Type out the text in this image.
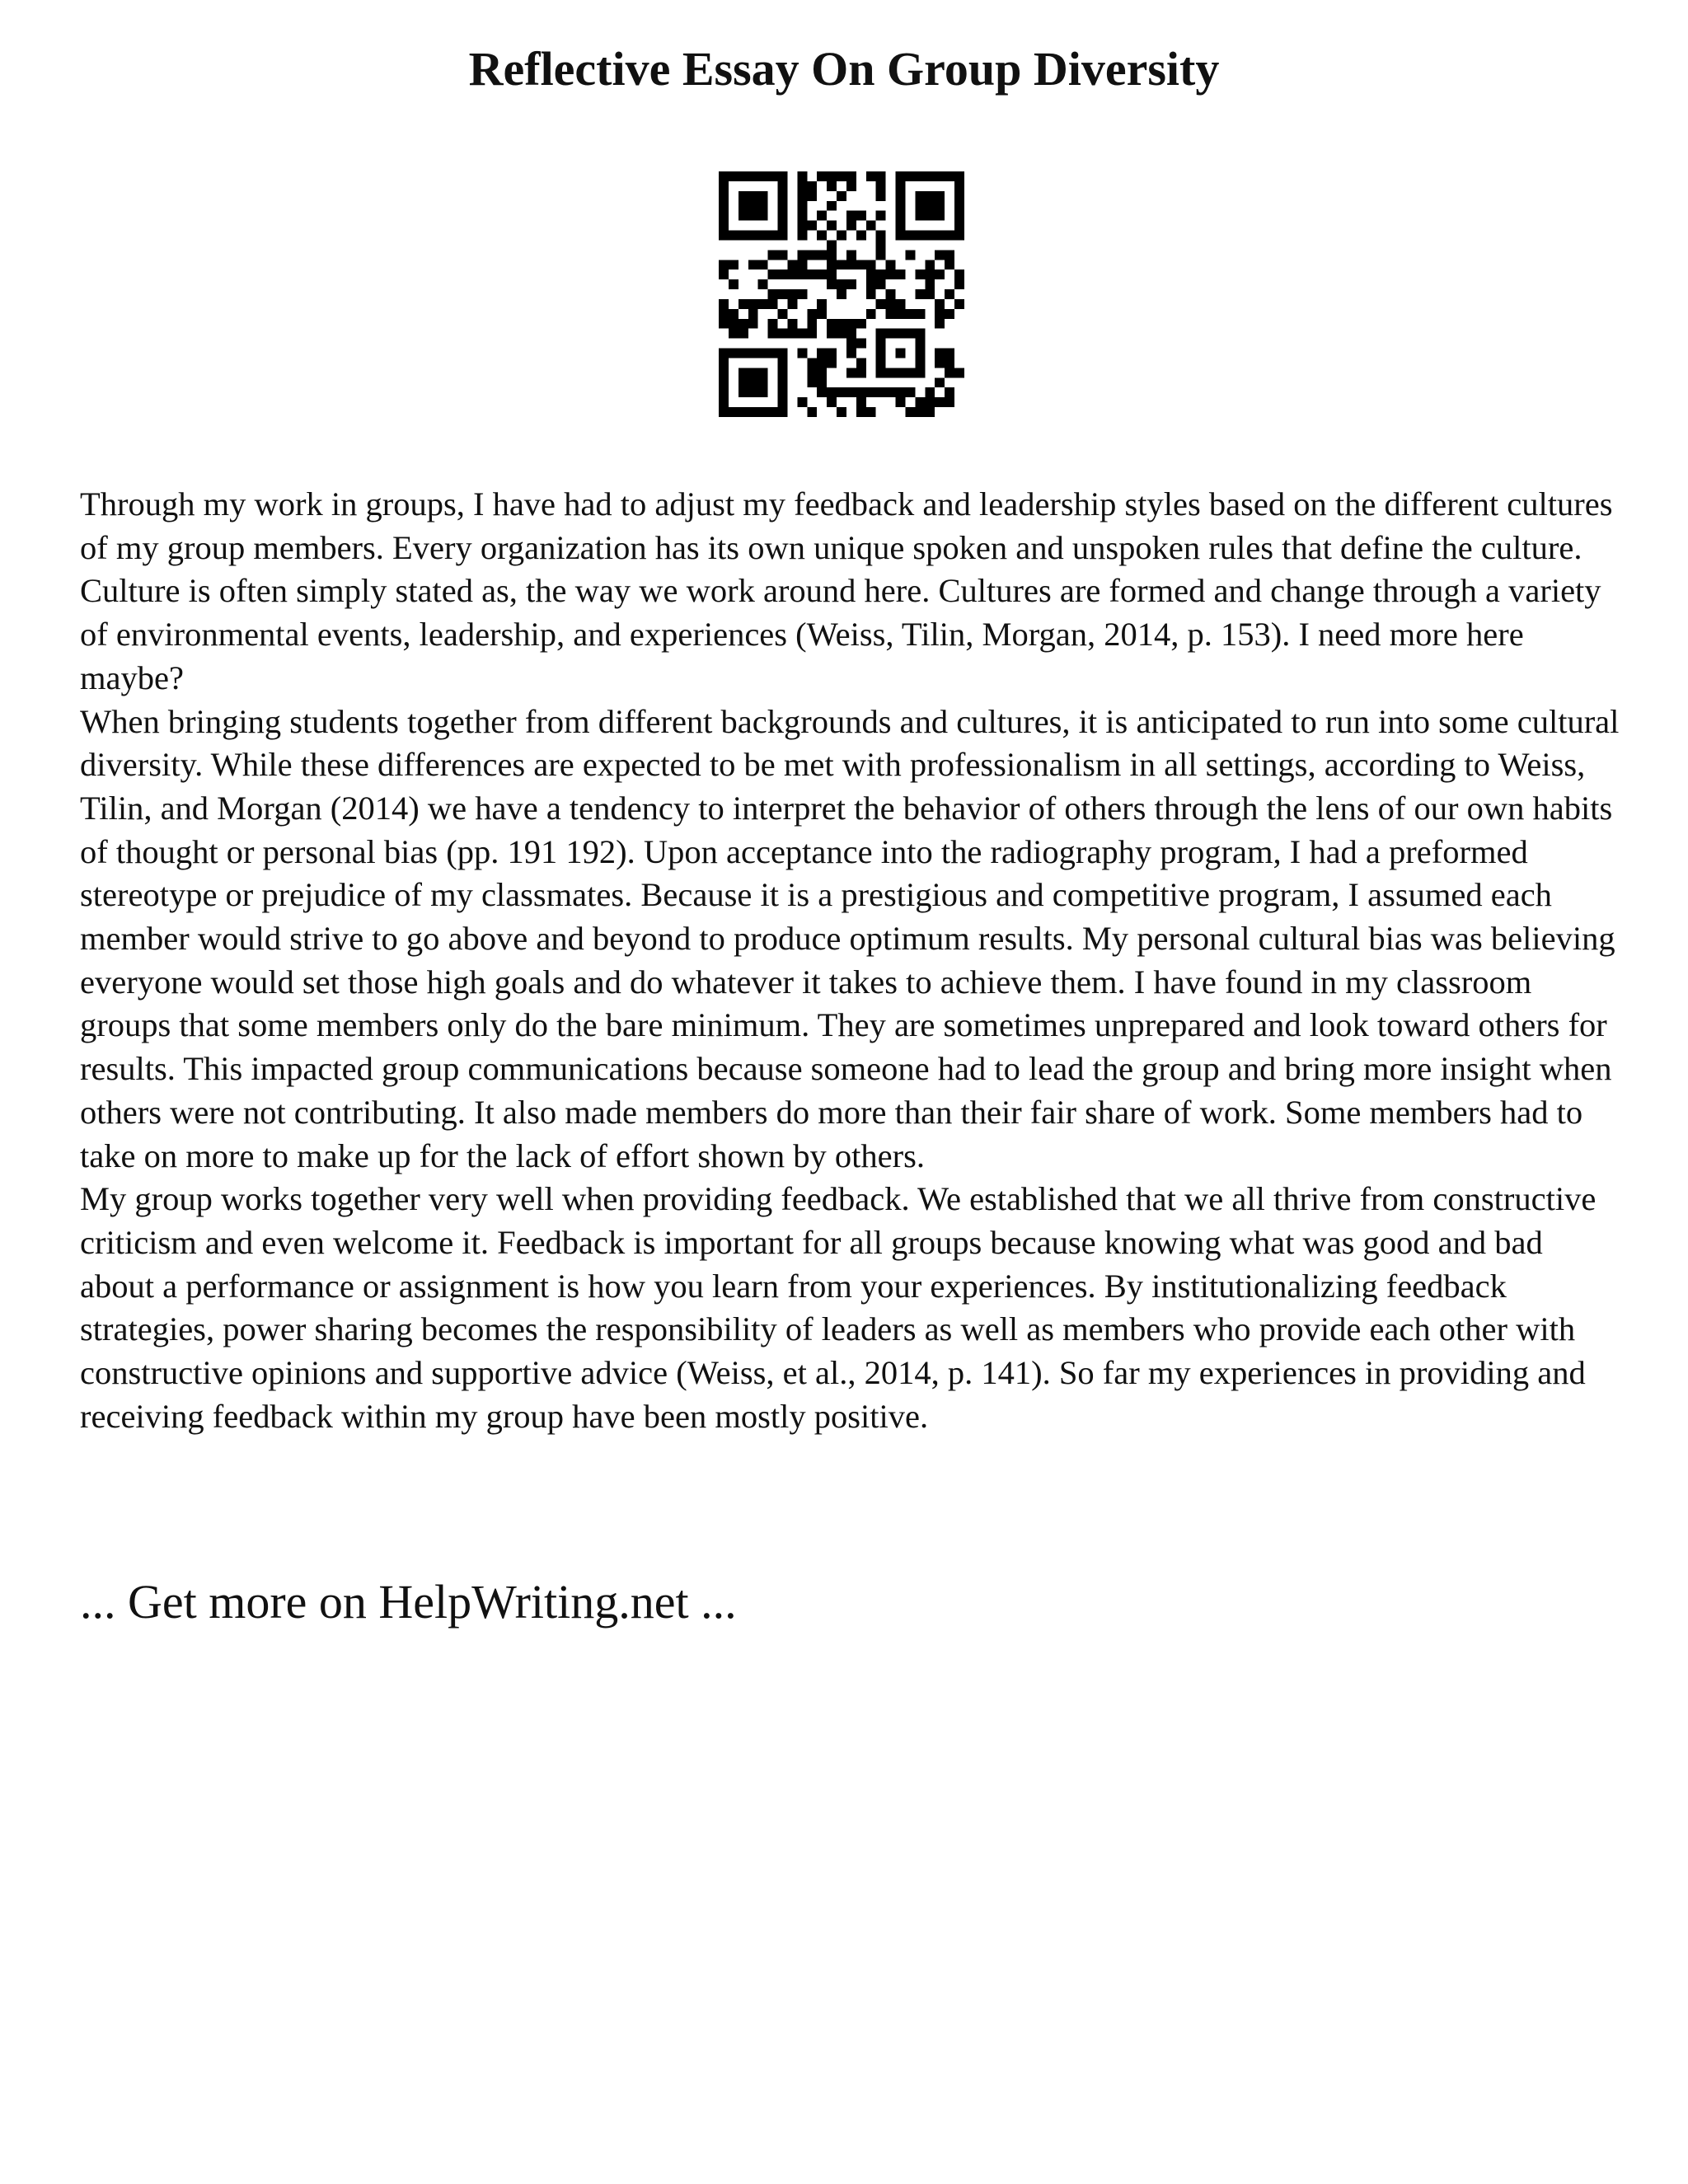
Reflective Essay On Group Diversity

Through my work in groups, I have had to adjust my feedback and leadership styles based on the different cultures of my group members. Every organization has its own unique spoken and unspoken rules that define the culture. Culture is often simply stated as, the way we work around here. Cultures are formed and change through a variety of environmental events, leadership, and experiences (Weiss, Tilin, Morgan, 2014, p. 153). I need more here maybe?

When bringing students together from different backgrounds and cultures, it is anticipated to run into some cultural diversity. While these differences are expected to be met with professionalism in all settings, according to Weiss, Tilin, and Morgan (2014) we have a tendency to interpret the behavior of others through the lens of our own habits of thought or personal bias (pp. 191 192). Upon acceptance into the radiography program, I had a preformed stereotype or prejudice of my classmates. Because it is a prestigious and competitive program, I assumed each member would strive to go above and beyond to produce optimum results. My personal cultural bias was believing everyone would set those high goals and do whatever it takes to achieve them. I have found in my classroom groups that some members only do the bare minimum. They are sometimes unprepared and look toward others for results. This impacted group communications because someone had to lead the group and bring more insight when others were not contributing. It also made members do more than their fair share of work. Some members had to take on more to make up for the lack of effort shown by others.

My group works together very well when providing feedback. We established that we all thrive from constructive criticism and even welcome it. Feedback is important for all groups because knowing what was good and bad about a performance or assignment is how you learn from your experiences. By institutionalizing feedback strategies, power sharing becomes the responsibility of leaders as well as members who provide each other with constructive opinions and supportive advice (Weiss, et al., 2014, p. 141). So far my experiences in providing and receiving feedback within my group have been mostly positive.

... Get more on HelpWriting.net ...
